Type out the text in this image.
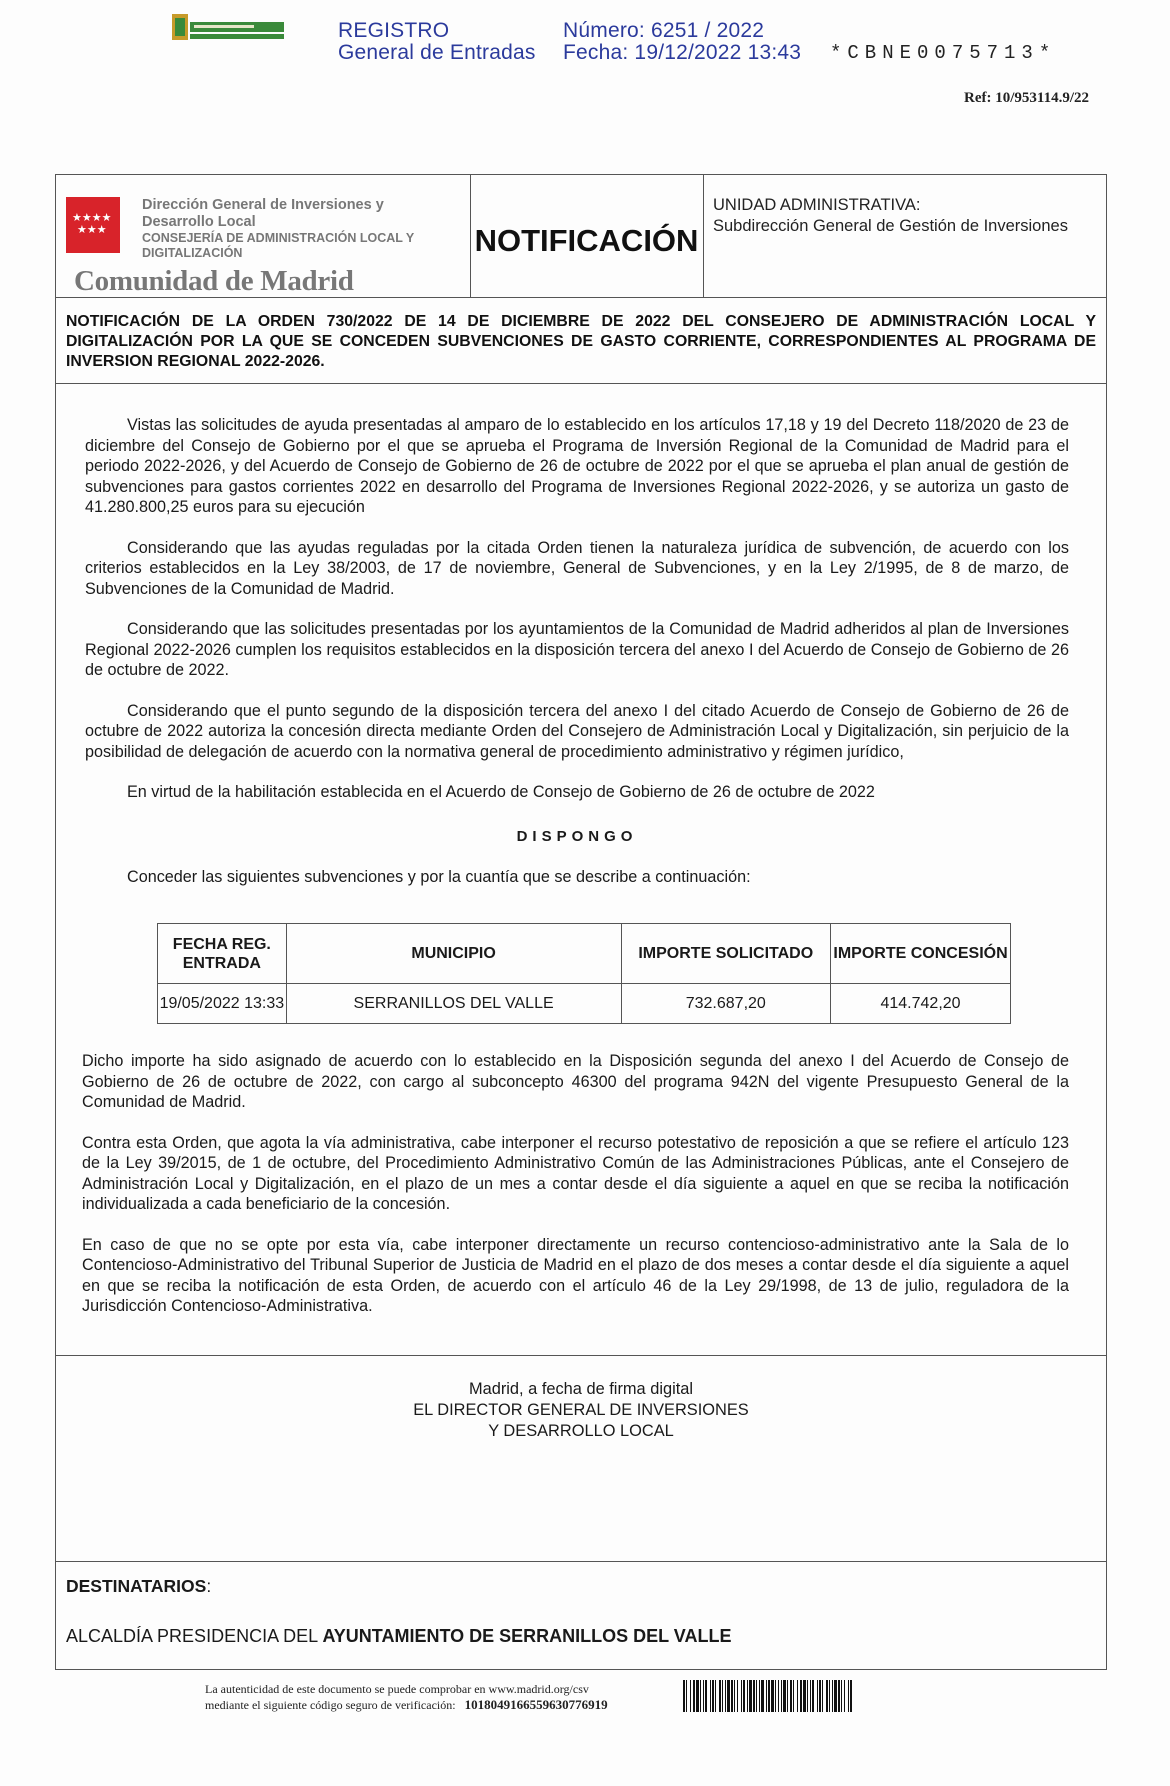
REGISTRO
General de Entradas
Número: 6251 / 2022
Fecha: 19/12/2022 13:43 *CBNE0075713*
Ref: 10/953114.9/22
★★★★
★★★
Dirección General de Inversiones y
Desarrollo Local
CONSEJERÍA DE ADMINISTRACIÓN LOCAL Y
DIGITALIZACIÓN
Comunidad de Madrid
NOTIFICACIÓN
UNIDAD ADMINISTRATIVA:
Subdirección General de Gestión de Inversiones
NOTIFICACIÓN DE LA ORDEN 730/2022 DE 14 DE DICIEMBRE DE 2022 DEL CONSEJERO DE ADMINISTRACIÓN LOCAL Y DIGITALIZACIÓN POR LA QUE SE CONCEDEN SUBVENCIONES DE GASTO CORRIENTE, CORRESPONDIENTES AL PROGRAMA DE INVERSION REGIONAL 2022-2026.

Vistas las solicitudes de ayuda presentadas al amparo de lo establecido en los artículos 17,18 y 19 del Decreto 118/2020 de 23 de diciembre del Consejo de Gobierno por el que se aprueba el Programa de Inversión Regional de la Comunidad de Madrid para el periodo 2022-2026, y del Acuerdo de Consejo de Gobierno de 26 de octubre de 2022 por el que se aprueba el plan anual de gestión de subvenciones para gastos corrientes 2022 en desarrollo del Programa de Inversiones Regional 2022-2026, y se autoriza un gasto de 41.280.800,25 euros para su ejecución

Considerando que las ayudas reguladas por la citada Orden tienen la naturaleza jurídica de subvención, de acuerdo con los criterios establecidos en la Ley 38/2003, de 17 de noviembre, General de Subvenciones, y en la Ley 2/1995, de 8 de marzo, de Subvenciones de la Comunidad de Madrid.

Considerando que las solicitudes presentadas por los ayuntamientos de la Comunidad de Madrid adheridos al plan de Inversiones Regional 2022-2026 cumplen los requisitos establecidos en la disposición tercera del anexo I del Acuerdo de Consejo de Gobierno de 26 de octubre de 2022.

Considerando que el punto segundo de la disposición tercera del anexo I del citado Acuerdo de Consejo de Gobierno de 26 de octubre de 2022 autoriza la concesión directa mediante Orden del Consejero de Administración Local y Digitalización, sin perjuicio de la posibilidad de delegación de acuerdo con la normativa general de procedimiento administrativo y régimen jurídico,

En virtud de la habilitación establecida en el Acuerdo de Consejo de Gobierno de 26 de octubre de 2022

DISPONGO

Conceder las siguientes subvenciones y por la cuantía que se describe a continuación:

FECHA REG. ENTRADA	MUNICIPIO	IMPORTE SOLICITADO	IMPORTE CONCESIÓN
19/05/2022 13:33	SERRANILLOS DEL VALLE	732.687,20	414.742,20

Dicho importe ha sido asignado de acuerdo con lo establecido en la Disposición segunda del anexo I del Acuerdo de Consejo de Gobierno de 26 de octubre de 2022, con cargo al subconcepto 46300 del programa 942N del vigente Presupuesto General de la Comunidad de Madrid.

Contra esta Orden, que agota la vía administrativa, cabe interponer el recurso potestativo de reposición a que se refiere el artículo 123 de la Ley 39/2015, de 1 de octubre, del Procedimiento Administrativo Común de las Administraciones Públicas, ante el Consejero de Administración Local y Digitalización, en el plazo de un mes a contar desde el día siguiente a aquel en que se reciba la notificación individualizada a cada beneficiario de la concesión.

En caso de que no se opte por esta vía, cabe interponer directamente un recurso contencioso-administrativo ante la Sala de lo Contencioso-Administrativo del Tribunal Superior de Justicia de Madrid en el plazo de dos meses a contar desde el día siguiente a aquel en que se reciba la notificación de esta Orden, de acuerdo con el artículo 46 de la Ley 29/1998, de 13 de julio, reguladora de la Jurisdicción Contencioso-Administrativa.

Madrid, a fecha de firma digital
EL DIRECTOR GENERAL DE INVERSIONES
Y DESARROLLO LOCAL
DESTINATARIOS:
ALCALDÍA PRESIDENCIA DEL AYUNTAMIENTO DE SERRANILLOS DEL VALLE
La autenticidad de este documento se puede comprobar en www.madrid.org/csv
mediante el siguiente código seguro de verificación: 1018049166559630776919
